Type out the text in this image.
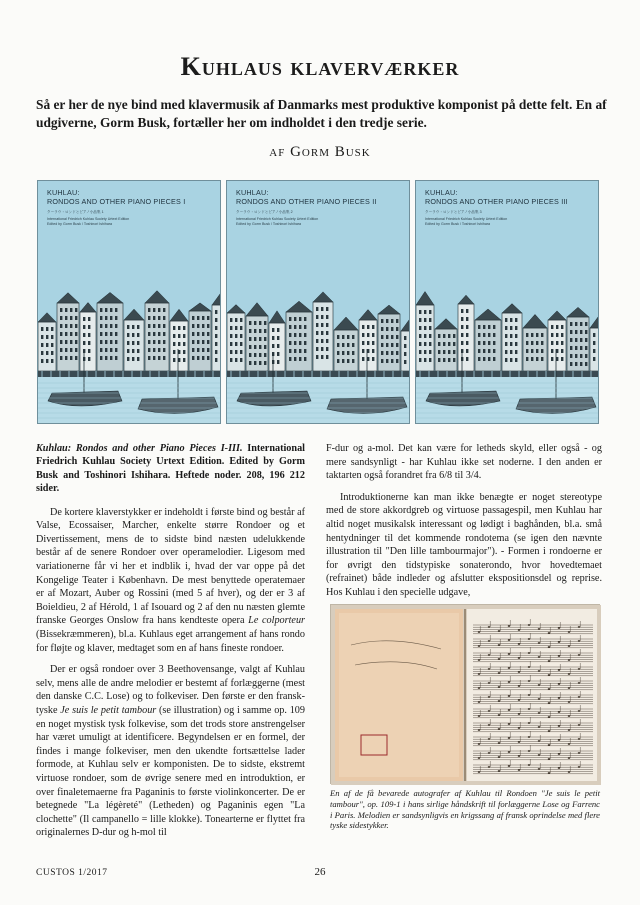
Kuhlaus klaverværker

Så er her de nye bind med klavermusik af Danmarks mest produktive komponist på dette felt. En af udgiverne, Gorm Busk, fortæller her om indholdet i den tredje serie.

af Gorm Busk
KUHLAU:
RONDOS AND OTHER PIANO PIECES I
クーラウ・ロンドとピアノ小品集 1
International Friedrich Kuhlau Society Urtext Edition
Edited by Gorm Busk / Toshinori Ishihara
KUHLAU:
RONDOS AND OTHER PIANO PIECES II
クーラウ・ロンドとピアノ小品集 2
International Friedrich Kuhlau Society Urtext Edition
Edited by Gorm Busk / Toshinori Ishihara
KUHLAU:
RONDOS AND OTHER PIANO PIECES III
クーラウ・ロンドとピアノ小品集 3
International Friedrich Kuhlau Society Urtext Edition
Edited by Gorm Busk / Toshinori Ishihara

Kuhlau: Rondos and other Piano Pieces I-III. International Friedrich Kuhlau Society Urtext Edition. Edited by Gorm Busk and Toshinori Ishihara. Heftede noder. 208, 196 212 sider.

De kortere klaverstykker er indeholdt i første bind og består af Valse, Ecossaiser, Marcher, enkelte større Rondoer og et Divertissement, mens de to sidste bind næsten udelukkende består af de senere Rondoer over operamelodier. Ligesom med variationerne får vi her et indblik i, hvad der var oppe på det Kongelige Teater i København. De mest benyttede operatemaer er af Mozart, Auber og Rossini (med 5 af hver), og der er 3 af Boieldieu, 2 af Hérold, 1 af Isouard og 2 af den nu næsten glemte franske Georges Onslow fra hans kendteste opera Le colporteur (Bissekræmmeren), bl.a. Kuhlaus eget arrangement af hans rondo for fløjte og klaver, medtaget som en af hans fineste rondoer.

Der er også rondoer over 3 Beethovensange, valgt af Kuhlau selv, mens alle de andre melodier er bestemt af forlæggerne (mest den danske C.C. Lose) og to folkeviser. Den første er den fransk-tyske Je suis le petit tambour (se illustration) og i samme op. 109 en noget mystisk tysk folkevise, som det trods store anstrengelser har været umuligt at identificere. Begyndelsen er en formel, der findes i mange folkeviser, men den ukendte fortsættelse lader formode, at Kuhlau selv er komponisten. De to sidste, ekstremt virtuose rondoer, som de øvrige senere med en introduktion, er over finaletemaerne fra Paganinis to første violinkoncerter. De er betegnede "La légèreté" (Letheden) og Paganinis egen "La clochette" (Il campanello = lille klokke). Tonearterne er flyttet fra originalernes D-dur og h-mol til

F-dur og a-mol. Det kan være for letheds skyld, eller også - og mere sandsynligt - har Kuhlau ikke set noderne. I den anden er taktarten også forandret fra 6/8 til 3/4.

Introduktionerne kan man ikke benægte er noget stereotype med de store akkordgreb og virtuose passagespil, men Kuhlau har altid noget musikalsk interessant og lødigt i baghånden, bl.a. små hentydninger til det kommende rondotema (se igen den nævnte illustration til "Den lille tambourmajor"). - Formen i rondoerne er for øvrigt den tidstypiske sonaterondo, hvor hovedtemaet (refrainet) både indleder og afslutter ekspositionsdel og reprise. Hos Kuhlau i den specielle udgave,

En af de få bevarede autografer af Kuhlau til Rondoen "Je suis le petit tambour", op. 109-1 i hans sirlige håndskrift til forlæggerne Lose og Farrenc i Paris. Melodien er sandsynligvis en krigssang af fransk oprindelse med flere tyske sidestykker.

CUSTOS 1/2017	26
